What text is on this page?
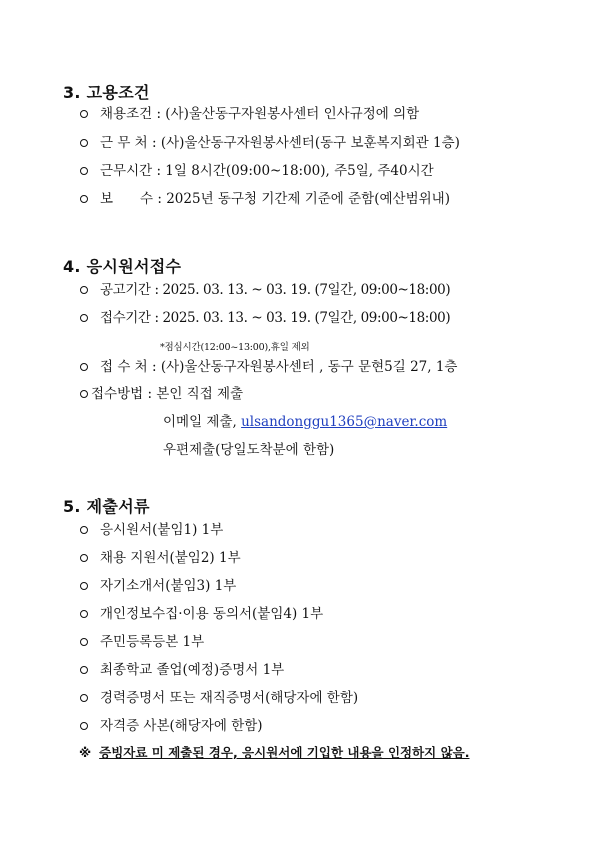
3. 고용조건
채용조건 : (사)울산동구자원봉사센터 인사규정에 의함
근 무 처 : (사)울산동구자원봉사센터(동구 보훈복지회관 1층)
근무시간 : 1일 8시간(09:00~18:00), 주5일, 주40시간
보　　수 : 2025년 동구청 기간제 기준에 준함(예산범위내)
4. 응시원서접수
공고기간 : 2025. 03. 13. ~ 03. 19. (7일간, 09:00~18:00)
접수기간 : 2025. 03. 13. ~ 03. 19. (7일간, 09:00~18:00)
*점심시간(12:00~13:00),휴일 제외
접 수 처 : (사)울산동구자원봉사센터 , 동구 문현5길 27, 1층
접수방법 : 본인 직접 제출
이메일 제출, ulsandonggu1365@naver.com
우편제출(당일도착분에 한함)
5. 제출서류
응시원서(붙임1) 1부
채용 지원서(붙임2) 1부
자기소개서(붙임3) 1부
개인정보수집·이용 동의서(붙임4) 1부
주민등록등본 1부
최종학교 졸업(예정)증명서 1부
경력증명서 또는 재직증명서(해당자에 한함)
자격증 사본(해당자에 한함)
※ 증빙자료 미 제출된 경우, 응시원서에 기입한 내용을 인정하지 않음.
